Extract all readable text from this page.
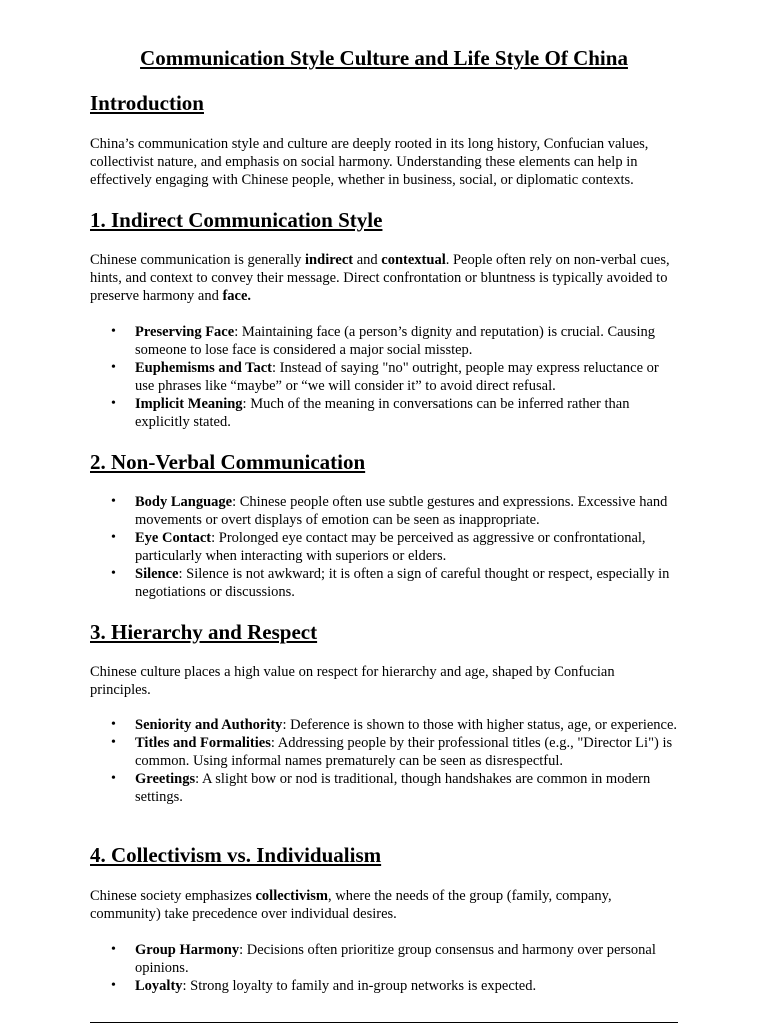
Communication Style Culture and Life Style Of China
Introduction

China’s communication style and culture are deeply rooted in its long history, Confucian values, collectivist nature, and emphasis on social harmony. Understanding these elements can help in effectively engaging with Chinese people, whether in business, social, or diplomatic contexts.

1. Indirect Communication Style

Chinese communication is generally indirect and contextual. People often rely on non-verbal cues, hints, and context to convey their message. Direct confrontation or bluntness is typically avoided to preserve harmony and face.

• Preserving Face: Maintaining face (a person’s dignity and reputation) is crucial. Causing someone to lose face is considered a major social misstep.
• Euphemisms and Tact: Instead of saying "no" outright, people may express reluctance or use phrases like “maybe” or “we will consider it” to avoid direct refusal.
• Implicit Meaning: Much of the meaning in conversations can be inferred rather than explicitly stated.
2. Non-Verbal Communication
• Body Language: Chinese people often use subtle gestures and expressions. Excessive hand movements or overt displays of emotion can be seen as inappropriate.
• Eye Contact: Prolonged eye contact may be perceived as aggressive or confrontational, particularly when interacting with superiors or elders.
• Silence: Silence is not awkward; it is often a sign of careful thought or respect, especially in negotiations or discussions.
3. Hierarchy and Respect

Chinese culture places a high value on respect for hierarchy and age, shaped by Confucian principles.

• Seniority and Authority: Deference is shown to those with higher status, age, or experience.
• Titles and Formalities: Addressing people by their professional titles (e.g., "Director Li") is common. Using informal names prematurely can be seen as disrespectful.
• Greetings: A slight bow or nod is traditional, though handshakes are common in modern settings.
4. Collectivism vs. Individualism

Chinese society emphasizes collectivism, where the needs of the group (family, company, community) take precedence over individual desires.

• Group Harmony: Decisions often prioritize group consensus and harmony over personal opinions.
• Loyalty: Strong loyalty to family and in-group networks is expected.
